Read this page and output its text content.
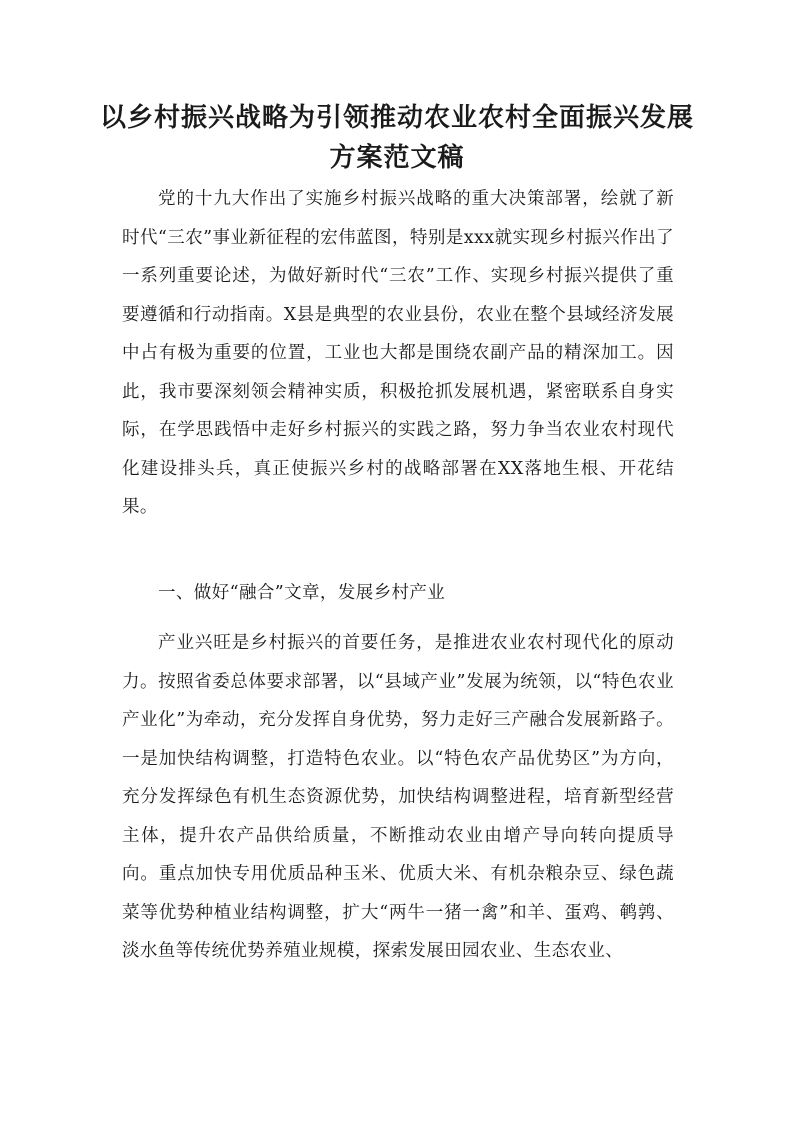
以乡村振兴战略为引领推动农业农村全面振兴发展
方案范文稿

党的十九大作出了实施乡村振兴战略的重大决策部署，绘就了新时代“三农”事业新征程的宏伟蓝图，特别是xxx就实现乡村振兴作出了一系列重要论述，为做好新时代“三农”工作、实现乡村振兴提供了重要遵循和行动指南。X县是典型的农业县份，农业在整个县域经济发展中占有极为重要的位置，工业也大都是围绕农副产品的精深加工。因此，我市要深刻领会精神实质，积极抢抓发展机遇，紧密联系自身实际，在学思践悟中走好乡村振兴的实践之路，努力争当农业农村现代化建设排头兵，真正使振兴乡村的战略部署在XX落地生根、开花结果。

一、做好“融合”文章，发展乡村产业

产业兴旺是乡村振兴的首要任务，是推进农业农村现代化的原动力。按照省委总体要求部署，以“县域产业”发展为统领，以“特色农业产业化”为牵动，充分发挥自身优势，努力走好三产融合发展新路子。一是加快结构调整，打造特色农业。以“特色农产品优势区”为方向，充分发挥绿色有机生态资源优势，加快结构调整进程，培育新型经营主体，提升农产品供给质量，不断推动农业由增产导向转向提质导向。重点加快专用优质品种玉米、优质大米、有机杂粮杂豆、绿色蔬菜等优势种植业结构调整，扩大“两牛一猪一禽”和羊、蛋鸡、鹌鹑、淡水鱼等传统优势养殖业规模，探索发展田园农业、生态农业、
